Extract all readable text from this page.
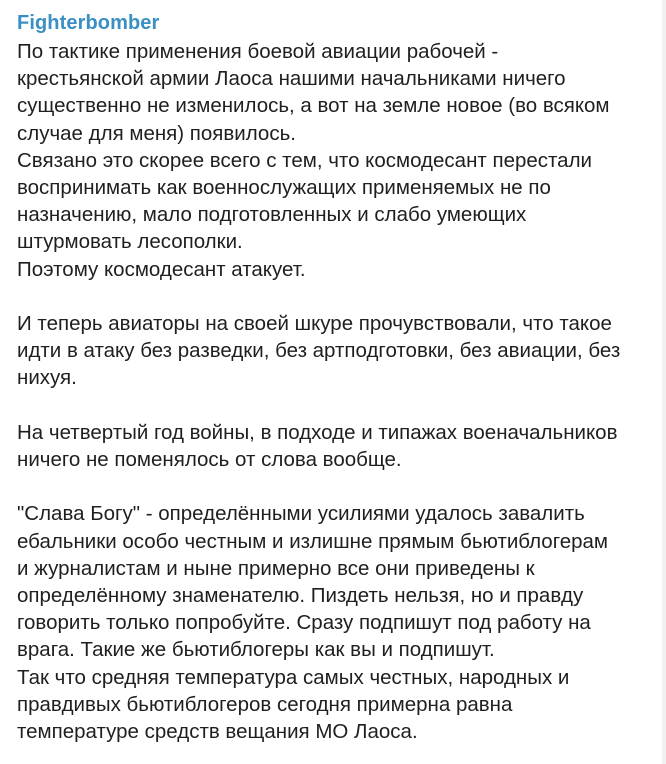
Fighterbomber
По тактике применения боевой авиации рабочей -
крестьянской армии Лаоса нашими начальниками ничего
существенно не изменилось, а вот на земле новое (во всяком
случае для меня) появилось.
Связано это скорее всего с тем, что космодесант перестали
воспринимать как военнослужащих применяемых не по
назначению, мало подготовленных и слабо умеющих
штурмовать лесополки.
Поэтому космодесант атакует.
И теперь авиаторы на своей шкуре прочувствовали, что такое
идти в атаку без разведки, без артподготовки, без авиации, без
нихуя.
На четвертый год войны, в подходе и типажах военачальников
ничего не поменялось от слова вообще.
"Слава Богу" - определёнными усилиями удалось завалить
ебальники особо честным и излишне прямым бьютиблогерам
и журналистам и ныне примерно все они приведены к
определённому знаменателю. Пиздеть нельзя, но и правду
говорить только попробуйте. Сразу подпишут под работу на
врага. Такие же бьютиблогеры как вы и подпишут.
Так что средняя температура самых честных, народных и
правдивых бьютиблогеров сегодня примерна равна
температуре средств вещания МО Лаоса.
